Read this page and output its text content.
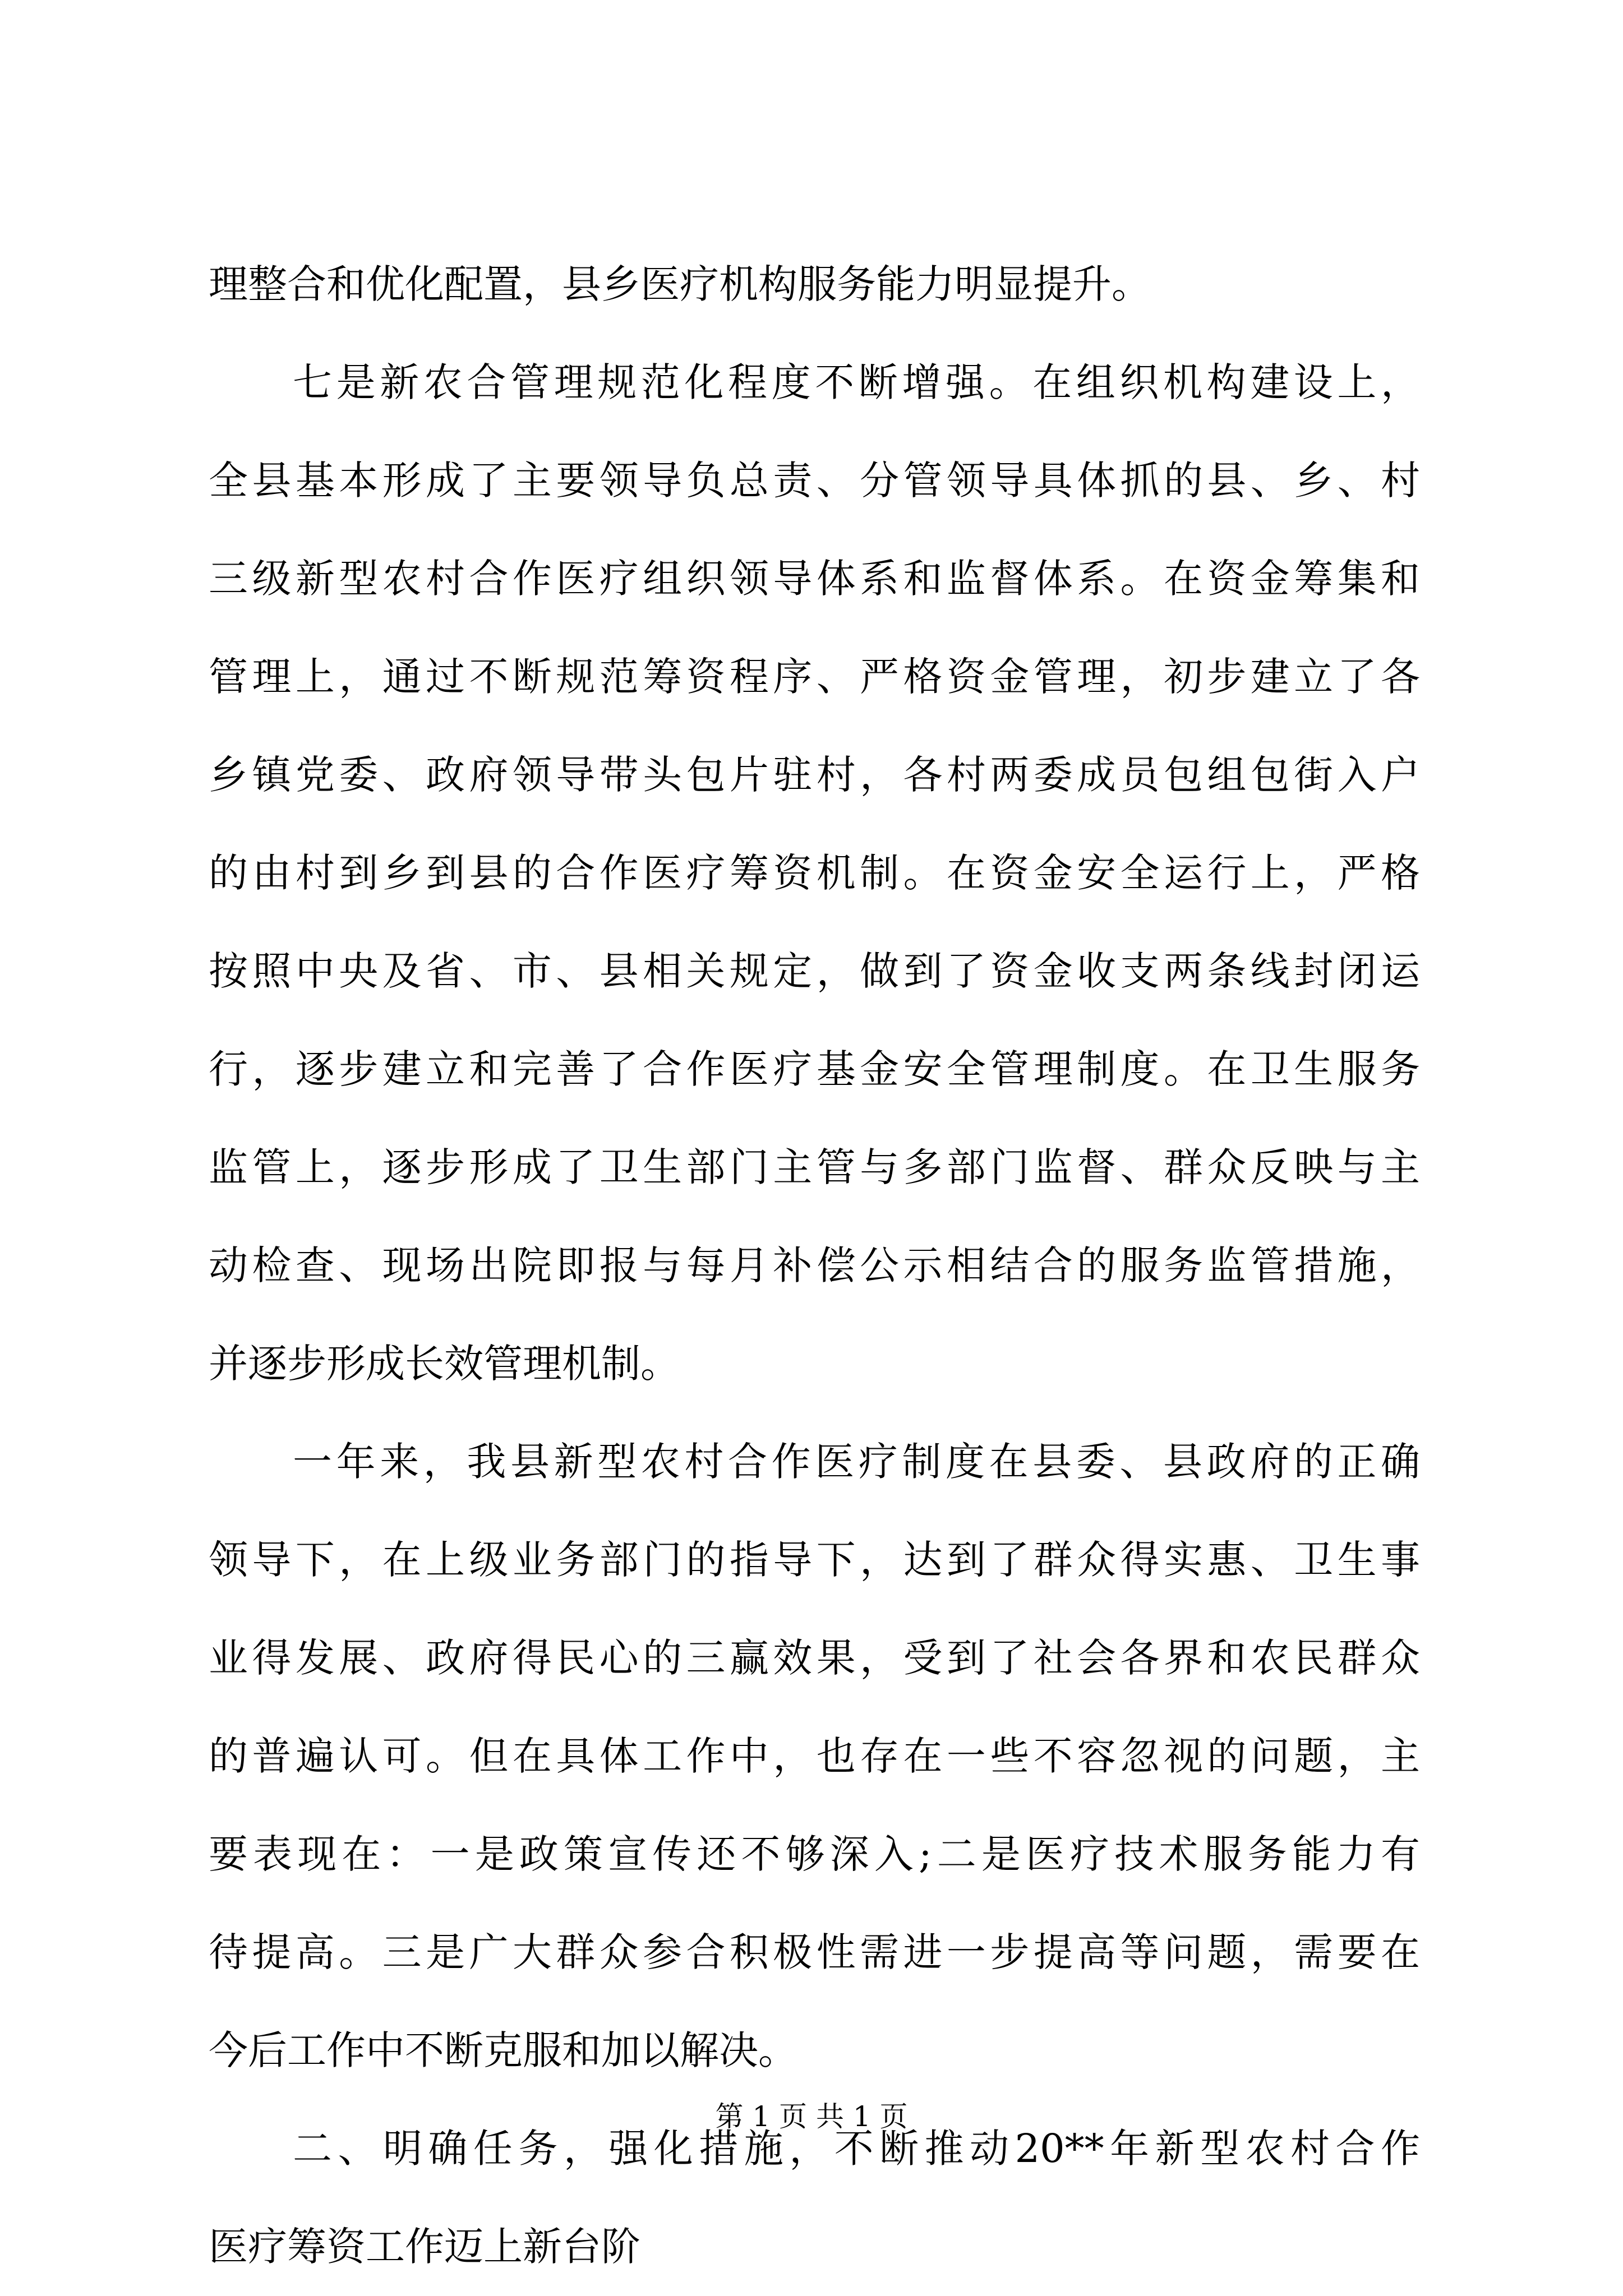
理整合和优化配置，县乡医疗机构服务能力明显提升。
七是新农合管理规范化程度不断增强。在组织机构建设上，
全县基本形成了主要领导负总责、分管领导具体抓的县、乡、村
三级新型农村合作医疗组织领导体系和监督体系。在资金筹集和
管理上，通过不断规范筹资程序、严格资金管理，初步建立了各
乡镇党委、政府领导带头包片驻村，各村两委成员包组包街入户
的由村到乡到县的合作医疗筹资机制。在资金安全运行上，严格
按照中央及省、市、县相关规定，做到了资金收支两条线封闭运
行，逐步建立和完善了合作医疗基金安全管理制度。在卫生服务
监管上，逐步形成了卫生部门主管与多部门监督、群众反映与主
动检查、现场出院即报与每月补偿公示相结合的服务监管措施，
并逐步形成长效管理机制。
一年来，我县新型农村合作医疗制度在县委、县政府的正确
领导下，在上级业务部门的指导下，达到了群众得实惠、卫生事
业得发展、政府得民心的三赢效果，受到了社会各界和农民群众
的普遍认可。但在具体工作中，也存在一些不容忽视的问题，主
要表现在：一是政策宣传还不够深入;二是医疗技术服务能力有
待提高。三是广大群众参合积极性需进一步提高等问题，需要在
今后工作中不断克服和加以解决。
二、明确任务，强化措施，不断推动20**年新型农村合作
医疗筹资工作迈上新台阶
第 1 页 共 1 页
